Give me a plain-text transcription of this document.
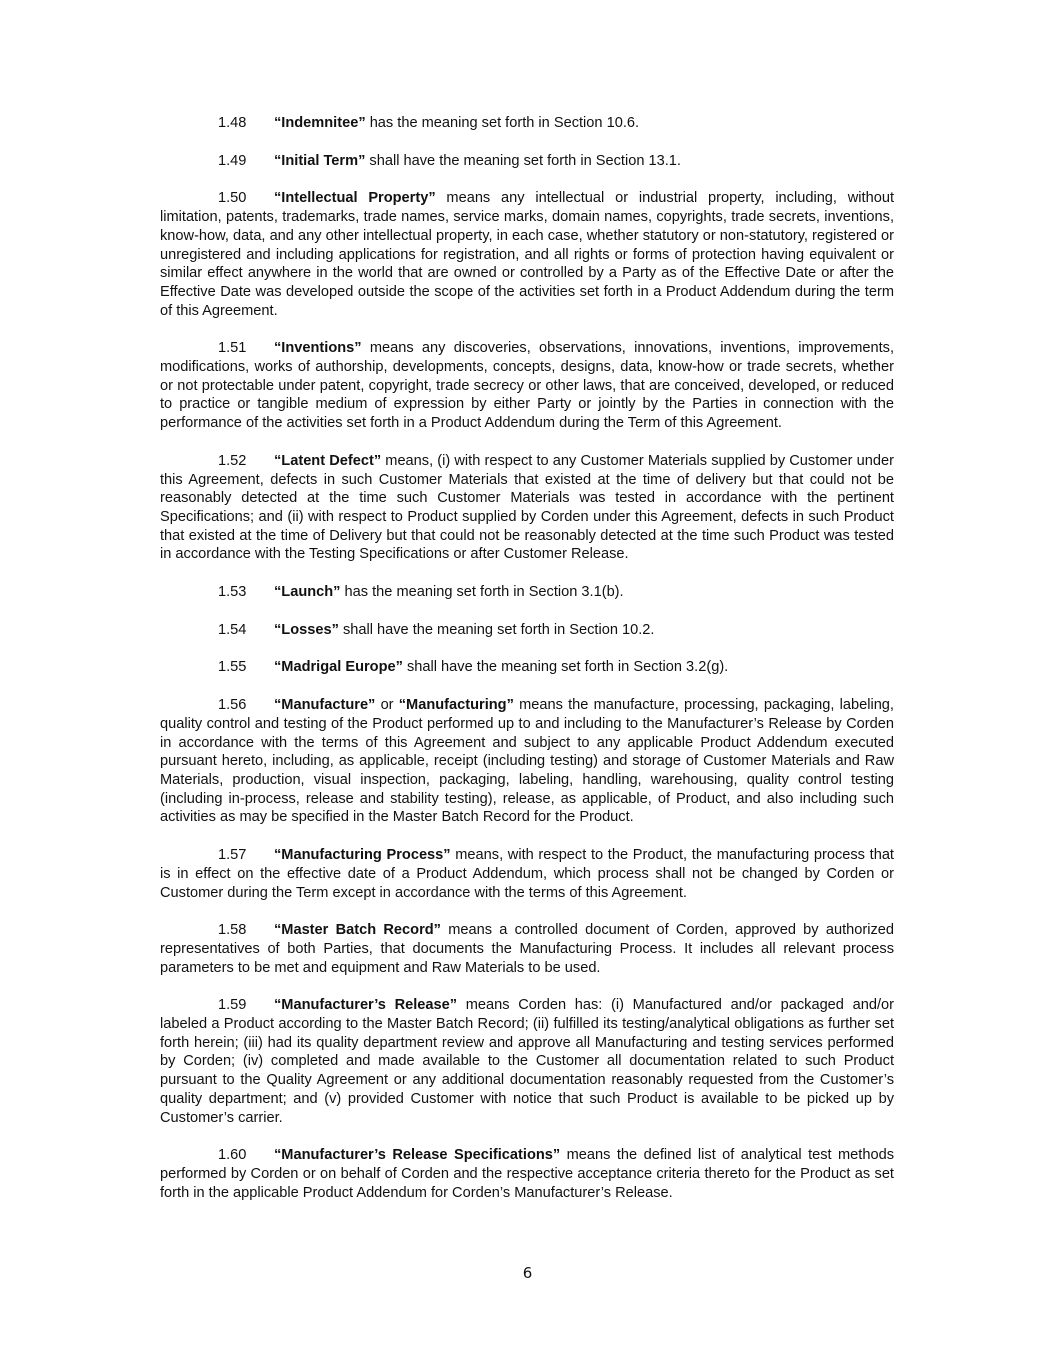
1.48 “Indemnitee” has the meaning set forth in Section 10.6.

1.49 “Initial Term” shall have the meaning set forth in Section 13.1.

1.50 “Intellectual Property” means any intellectual or industrial property, including, without limitation, patents, trademarks, trade names, service marks, domain names, copyrights, trade secrets, inventions, know-how, data, and any other intellectual property, in each case, whether statutory or non-statutory, registered or unregistered and including applications for registration, and all rights or forms of protection having equivalent or similar effect anywhere in the world that are owned or controlled by a Party as of the Effective Date or after the Effective Date was developed outside the scope of the activities set forth in a Product Addendum during the term of this Agreement.

1.51 “Inventions” means any discoveries, observations, innovations, inventions, improvements, modifications, works of authorship, developments, concepts, designs, data, know-how or trade secrets, whether or not protectable under patent, copyright, trade secrecy or other laws, that are conceived, developed, or reduced to practice or tangible medium of expression by either Party or jointly by the Parties in connection with the performance of the activities set forth in a Product Addendum during the Term of this Agreement.

1.52 “Latent Defect” means, (i) with respect to any Customer Materials supplied by Customer under this Agreement, defects in such Customer Materials that existed at the time of delivery but that could not be reasonably detected at the time such Customer Materials was tested in accordance with the pertinent Specifications; and (ii) with respect to Product supplied by Corden under this Agreement, defects in such Product that existed at the time of Delivery but that could not be reasonably detected at the time such Product was tested in accordance with the Testing Specifications or after Customer Release.

1.53 “Launch” has the meaning set forth in Section 3.1(b).

1.54 “Losses” shall have the meaning set forth in Section 10.2.

1.55 “Madrigal Europe” shall have the meaning set forth in Section 3.2(g).

1.56 “Manufacture” or “Manufacturing” means the manufacture, processing, packaging, labeling, quality control and testing of the Product performed up to and including to the Manufacturer’s Release by Corden in accordance with the terms of this Agreement and subject to any applicable Product Addendum executed pursuant hereto, including, as applicable, receipt (including testing) and storage of Customer Materials and Raw Materials, production, visual inspection, packaging, labeling, handling, warehousing, quality control testing (including in-process, release and stability testing), release, as applicable, of Product, and also including such activities as may be specified in the Master Batch Record for the Product.

1.57 “Manufacturing Process” means, with respect to the Product, the manufacturing process that is in effect on the effective date of a Product Addendum, which process shall not be changed by Corden or Customer during the Term except in accordance with the terms of this Agreement.

1.58 “Master Batch Record” means a controlled document of Corden, approved by authorized representatives of both Parties, that documents the Manufacturing Process. It includes all relevant process parameters to be met and equipment and Raw Materials to be used.

1.59 “Manufacturer’s Release” means Corden has: (i) Manufactured and/or packaged and/or labeled a Product according to the Master Batch Record; (ii) fulfilled its testing/analytical obligations as further set forth herein; (iii) had its quality department review and approve all Manufacturing and testing services performed by Corden; (iv) completed and made available to the Customer all documentation related to such Product pursuant to the Quality Agreement or any additional documentation reasonably requested from the Customer’s quality department; and (v) provided Customer with notice that such Product is available to be picked up by Customer’s carrier.

1.60 “Manufacturer’s Release Specifications” means the defined list of analytical test methods performed by Corden or on behalf of Corden and the respective acceptance criteria thereto for the Product as set forth in the applicable Product Addendum for Corden’s Manufacturer’s Release.

6
